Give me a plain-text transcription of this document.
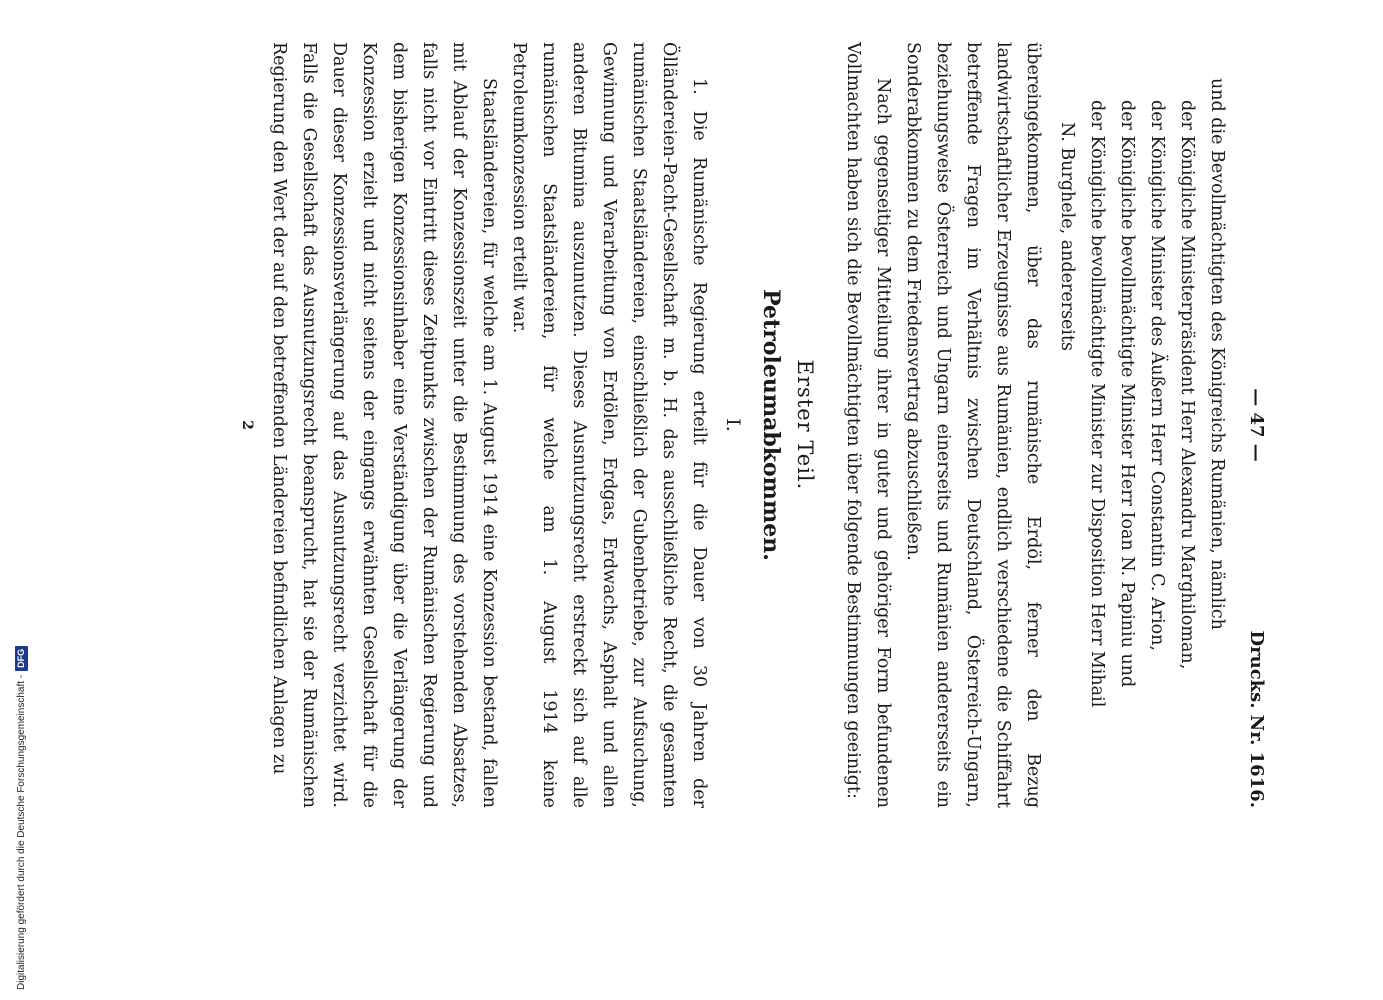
— 47 —
Drucks. Nr. 1616.
und die Bevollmächtigten des Königreichs Rumänien, nämlich
der Königliche Ministerpräsident Herr Alexandru Marghiloman,
der Königliche Minister des Äußern Herr Constantin C. Arion,
der Königliche bevollmächtigte Minister Herr Ioan N. Papiniu und
der Königliche bevollmächtigte Minister zur Disposition Herr Mihail
N. Burghele, andererseits

übereingekommen, über das rumänische Erdöl, ferner den Bezug landwirtschaftlicher Erzeugnisse aus Rumänien, endlich verschiedene die Schiffahrt betreffende Fragen im Verhältnis zwischen Deutschland, Österreich-Ungarn, beziehungsweise Österreich und Ungarn einerseits und Rumänien andererseits ein Sonderabkommen zu dem Friedensvertrag abzuschließen.

Nach gegenseitiger Mitteilung ihrer in guter und gehöriger Form befundenen Vollmachten haben sich die Bevollmächtigten über folgende Bestimmungen geeinigt:

Erster Teil.
Petroleumabkommen.
I.

1. Die Rumänische Regierung erteilt für die Dauer von 30 Jahren der Ölländereien-Pacht-Gesellschaft m. b. H. das ausschließliche Recht, die gesamten rumänischen Staatsländereien, einschließlich der Gubenbetriebe, zur Aufsuchung, Gewinnung und Verarbeitung von Erdölen, Erdgas, Erdwachs, Asphalt und allen anderen Bitumina auszunutzen. Dieses Ausnutzungsrecht erstreckt sich auf alle rumänischen Staatsländereien, für welche am 1. August 1914 keine Petroleumkonzession erteilt war.

Staatsländereien, für welche am 1. August 1914 eine Konzession bestand, fallen mit Ablauf der Konzessionszeit unter die Bestimmung des vorstehenden Absatzes, falls nicht vor Eintritt dieses Zeitpunkts zwischen der Rumänischen Regierung und dem bisherigen Konzessionsinhaber eine Verständigung über die Verlängerung der Konzession erzielt und nicht seitens der eingangs erwähnten Gesellschaft für die Dauer dieser Konzessionsverlängerung auf das Ausnutzungsrecht verzichtet wird. Falls die Gesellschaft das Ausnutzungsrecht beansprucht, hat sie der Rumänischen Regierung den Wert der auf den betreffenden Ländereien befindlichen Anlagen zu

2
Digitalisierung gefördert durch die Deutsche Forschungsgemeinschaft -
DFG
